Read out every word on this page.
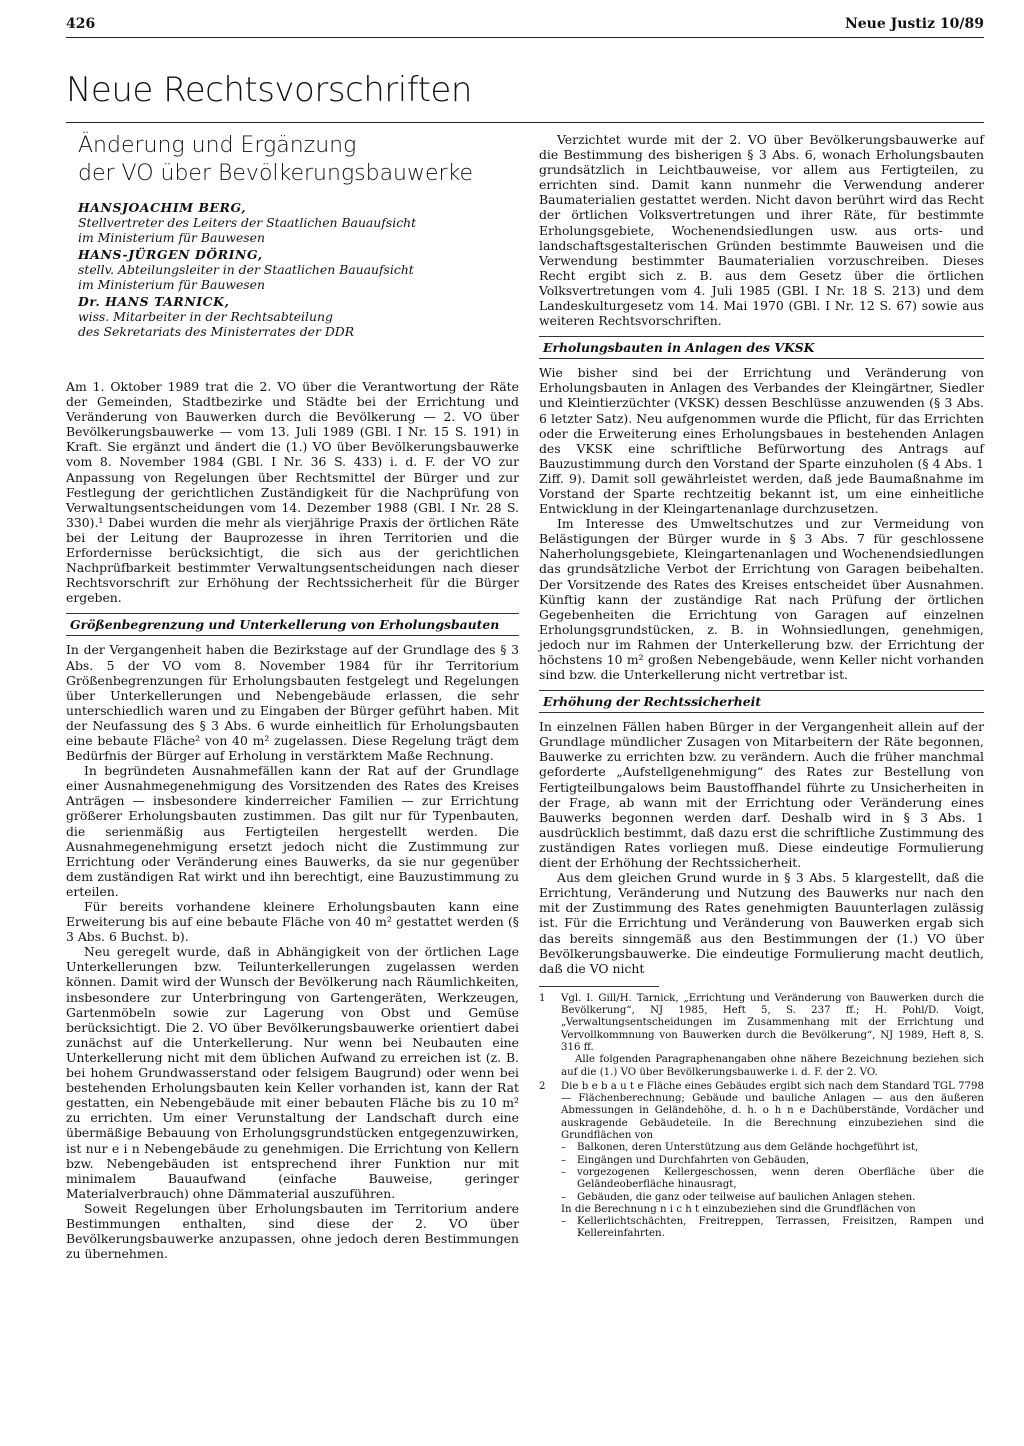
426	Neue Justiz 10/89
Neue Rechtsvorschriften
Änderung und Ergänzung
der VO über Bevölkerungsbauwerke
HANSJOACHIM BERG,
Stellvertreter des Leiters der Staatlichen Bauaufsicht
im Ministerium für Bauwesen
HANS-JÜRGEN DÖRING,
stellv. Abteilungsleiter in der Staatlichen Bauaufsicht
im Ministerium für Bauwesen
Dr. HANS TARNICK,
wiss. Mitarbeiter in der Rechtsabteilung
des Sekretariats des Ministerrates der DDR

Am 1. Oktober 1989 trat die 2. VO über die Verantwortung der Räte der Gemeinden, Stadtbezirke und Städte bei der Errichtung und Veränderung von Bauwerken durch die Bevölkerung — 2. VO über Bevölkerungsbauwerke — vom 13. Juli 1989 (GBl. I Nr. 15 S. 191) in Kraft. Sie ergänzt und ändert die (1.) VO über Bevölkerungsbauwerke vom 8. November 1984 (GBl. I Nr. 36 S. 433) i. d. F. der VO zur Anpassung von Regelungen über Rechtsmittel der Bürger und zur Festlegung der gerichtlichen Zuständigkeit für die Nachprüfung von Verwaltungsentscheidungen vom 14. Dezember 1988 (GBl. I Nr. 28 S. 330).¹ Dabei wurden die mehr als vierjährige Praxis der örtlichen Räte bei der Leitung der Bauprozesse in ihren Territorien und die Erfordernisse berücksichtigt, die sich aus der gerichtlichen Nachprüfbarkeit bestimmter Verwaltungsentscheidungen nach dieser Rechtsvorschrift zur Erhöhung der Rechtssicherheit für die Bürger ergeben.

Größenbegrenzung und Unterkellerung von Erholungsbauten

In der Vergangenheit haben die Bezirkstage auf der Grundlage des § 3 Abs. 5 der VO vom 8. November 1984 für ihr Territorium Größenbegrenzungen für Erholungsbauten festgelegt und Regelungen über Unterkellerungen und Nebengebäude erlassen, die sehr unterschiedlich waren und zu Eingaben der Bürger geführt haben. Mit der Neufassung des § 3 Abs. 6 wurde einheitlich für Erholungsbauten eine bebaute Fläche² von 40 m² zugelassen. Diese Regelung trägt dem Bedürfnis der Bürger auf Erholung in verstärktem Maße Rechnung.

In begründeten Ausnahmefällen kann der Rat auf der Grundlage einer Ausnahmegenehmigung des Vorsitzenden des Rates des Kreises Anträgen — insbesondere kinderreicher Familien — zur Errichtung größerer Erholungsbauten zustimmen. Das gilt nur für Typenbauten, die serienmäßig aus Fertigteilen hergestellt werden. Die Ausnahmegenehmigung ersetzt jedoch nicht die Zustimmung zur Errichtung oder Veränderung eines Bauwerks, da sie nur gegenüber dem zuständigen Rat wirkt und ihn berechtigt, eine Bauzustimmung zu erteilen.

Für bereits vorhandene kleinere Erholungsbauten kann eine Erweiterung bis auf eine bebaute Fläche von 40 m² gestattet werden (§ 3 Abs. 6 Buchst. b).

Neu geregelt wurde, daß in Abhängigkeit von der örtlichen Lage Unterkellerungen bzw. Teilunterkellerungen zugelassen werden können. Damit wird der Wunsch der Bevölkerung nach Räumlichkeiten, insbesondere zur Unterbringung von Gartengeräten, Werkzeugen, Gartenmöbeln sowie zur Lagerung von Obst und Gemüse berücksichtigt. Die 2. VO über Bevölkerungsbauwerke orientiert dabei zunächst auf die Unterkellerung. Nur wenn bei Neubauten eine Unterkellerung nicht mit dem üblichen Aufwand zu erreichen ist (z. B. bei hohem Grundwasserstand oder felsigem Baugrund) oder wenn bei bestehenden Erholungsbauten kein Keller vorhanden ist, kann der Rat gestatten, ein Nebengebäude mit einer bebauten Fläche bis zu 10 m² zu errichten. Um einer Verunstaltung der Landschaft durch eine übermäßige Bebauung von Erholungsgrundstücken entgegenzuwirken, ist nur e i n Nebengebäude zu genehmigen. Die Errichtung von Kellern bzw. Nebengebäuden ist entsprechend ihrer Funktion nur mit minimalem Bauaufwand (einfache Bauweise, geringer Materialverbrauch) ohne Dämmaterial auszuführen.

Soweit Regelungen über Erholungsbauten im Territorium andere Bestimmungen enthalten, sind diese der 2. VO über Bevölkerungsbauwerke anzupassen, ohne jedoch deren Bestimmungen zu übernehmen.

Verzichtet wurde mit der 2. VO über Bevölkerungsbauwerke auf die Bestimmung des bisherigen § 3 Abs. 6, wonach Erholungsbauten grundsätzlich in Leichtbauweise, vor allem aus Fertigteilen, zu errichten sind. Damit kann nunmehr die Verwendung anderer Baumaterialien gestattet werden. Nicht davon berührt wird das Recht der örtlichen Volksvertretungen und ihrer Räte, für bestimmte Erholungsgebiete, Wochenendsiedlungen usw. aus orts- und landschaftsgestalterischen Gründen bestimmte Bauweisen und die Verwendung bestimmter Baumaterialien vorzuschreiben. Dieses Recht ergibt sich z. B. aus dem Gesetz über die örtlichen Volksvertretungen vom 4. Juli 1985 (GBl. I Nr. 18 S. 213) und dem Landeskulturgesetz vom 14. Mai 1970 (GBl. I Nr. 12 S. 67) sowie aus weiteren Rechtsvorschriften.

Erholungsbauten in Anlagen des VKSK

Wie bisher sind bei der Errichtung und Veränderung von Erholungsbauten in Anlagen des Verbandes der Kleingärtner, Siedler und Kleintierzüchter (VKSK) dessen Beschlüsse anzuwenden (§ 3 Abs. 6 letzter Satz). Neu aufgenommen wurde die Pflicht, für das Errichten oder die Erweiterung eines Erholungsbaues in bestehenden Anlagen des VKSK eine schriftliche Befürwortung des Antrags auf Bauzustimmung durch den Vorstand der Sparte einzuholen (§ 4 Abs. 1 Ziff. 9). Damit soll gewährleistet werden, daß jede Baumaßnahme im Vorstand der Sparte rechtzeitig bekannt ist, um eine einheitliche Entwicklung in der Kleingartenanlage durchzusetzen.

Im Interesse des Umweltschutzes und zur Vermeidung von Belästigungen der Bürger wurde in § 3 Abs. 7 für geschlossene Naherholungsgebiete, Kleingartenanlagen und Wochenendsiedlungen das grundsätzliche Verbot der Errichtung von Garagen beibehalten. Der Vorsitzende des Rates des Kreises entscheidet über Ausnahmen. Künftig kann der zuständige Rat nach Prüfung der örtlichen Gegebenheiten die Errichtung von Garagen auf einzelnen Erholungsgrundstücken, z. B. in Wohnsiedlungen, genehmigen, jedoch nur im Rahmen der Unterkellerung bzw. der Errichtung der höchstens 10 m² großen Nebengebäude, wenn Keller nicht vorhanden sind bzw. die Unterkellerung nicht vertretbar ist.

Erhöhung der Rechtssicherheit

In einzelnen Fällen haben Bürger in der Vergangenheit allein auf der Grundlage mündlicher Zusagen von Mitarbeitern der Räte begonnen, Bauwerke zu errichten bzw. zu verändern. Auch die früher manchmal geforderte „Aufstellgenehmigung“ des Rates zur Bestellung von Fertigteilbungalows beim Baustoffhandel führte zu Unsicherheiten in der Frage, ab wann mit der Errichtung oder Veränderung eines Bauwerks begonnen werden darf. Deshalb wird in § 3 Abs. 1 ausdrücklich bestimmt, daß dazu erst die schriftliche Zustimmung des zuständigen Rates vorliegen muß. Diese eindeutige Formulierung dient der Erhöhung der Rechtssicherheit.

Aus dem gleichen Grund wurde in § 3 Abs. 5 klargestellt, daß die Errichtung, Veränderung und Nutzung des Bauwerks nur nach den mit der Zustimmung des Rates genehmigten Bauunterlagen zulässig ist. Für die Errichtung und Veränderung von Bauwerken ergab sich das bereits sinngemäß aus den Bestimmungen der (1.) VO über Bevölkerungsbauwerke. Die eindeutige Formulierung macht deutlich, daß die VO nicht

1	Vgl. I. Gill/H. Tarnick, „Errichtung und Veränderung von Bauwerken durch die Bevölkerung“, NJ 1985, Heft 5, S. 237 ff.; H. Pohl/D. Voigt, „Verwaltungsentscheidungen im Zusammenhang mit der Errichtung und Vervollkommnung von Bauwerken durch die Bevölkerung“, NJ 1989, Heft 8, S. 316 ff.

Alle folgenden Paragraphenangaben ohne nähere Bezeichnung beziehen sich auf die (1.) VO über Bevölkerungsbauwerke i. d. F. der 2. VO.

2	Die b e b a u t e Fläche eines Gebäudes ergibt sich nach dem Standard TGL 7798 — Flächenberechnung; Gebäude und bauliche Anlagen — aus den äußeren Abmessungen in Geländehöhe, d. h. o h n e Dachüberstände, Vordächer und auskragende Gebäudeteile. In die Berechnung einzubeziehen sind die Grundflächen von

–	Balkonen, deren Unterstützung aus dem Gelände hochgeführt ist,
–	Eingängen und Durchfahrten von Gebäuden,
–	vorgezogenen Kellergeschossen, wenn deren Oberfläche über die Geländeoberfläche hinausragt,
–	Gebäuden, die ganz oder teilweise auf baulichen Anlagen stehen.

In die Berechnung n i c h t einzubeziehen sind die Grundflächen von

–	Kellerlichtschächten, Freitreppen, Terrassen, Freisitzen, Rampen und Kellereinfahrten.
